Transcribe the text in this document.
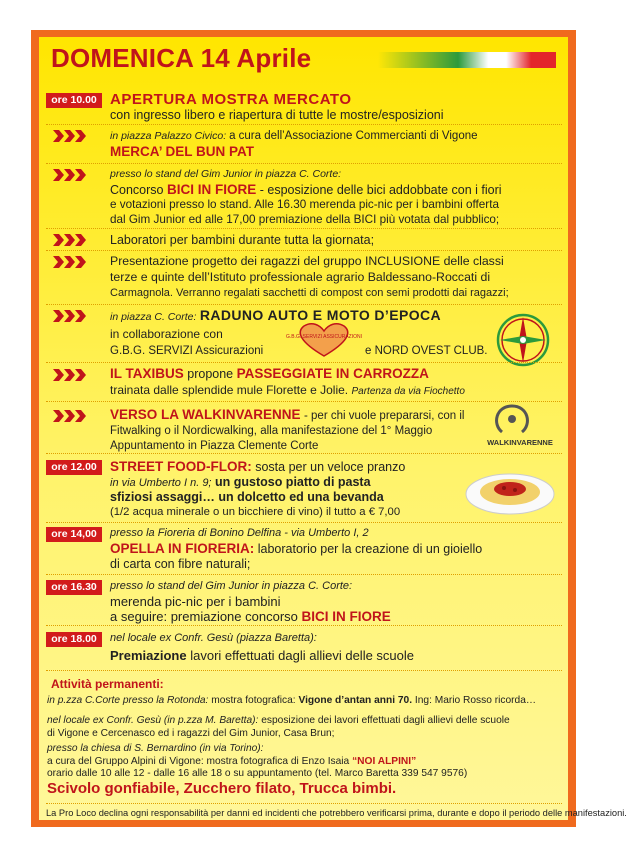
DOMENICA 14 Aprile
ore 10.00 APERTURA MOSTRA MERCATO
con ingresso libero e riapertura di tutte le mostre/esposizioni
in piazza Palazzo Civico: a cura dell’Associazione Commercianti di Vigone
MERCA’ DEL BUN PAT
presso lo stand del Gim Junior in piazza C. Corte:
Concorso BICI IN FIORE - esposizione delle bici addobbate con i fiori
e votazioni presso lo stand. Alle 16.30 merenda pic-nic per i bambini offerta
dal Gim Junior ed alle 17,00 premiazione della BICI più votata dal pubblico;
Laboratori per bambini durante tutta la giornata;
Presentazione progetto dei ragazzi del gruppo INCLUSIONE delle classi
terze e quinte dell’Istituto professionale agrario Baldessano-Roccati di
Carmagnola. Verranno regalati sacchetti di compost con semi prodotti dai ragazzi;
in piazza C. Corte: RADUNO AUTO E MOTO D’EPOCA
in collaborazione con
G.B.G. SERVIZI Assicurazioni	e NORD OVEST CLUB.
G.B.G. SERVIZI ASSICURAZIONI
IL TAXIBUS propone PASSEGGIATE IN CARROZZA
trainata dalle splendide mule Florette e Jolie. Partenza da via Fiochetto
VERSO LA WALKINVARENNE - per chi vuole prepararsi, con il
Fitwalking o il Nordicwalking, alla manifestazione del 1° Maggio
Appuntamento in Piazza Clemente Corte	WALKINVARENNE
ore 12.00 STREET FOOD-FLOR: sosta per un veloce pranzo
in via Umberto I n. 9; un gustoso piatto di pasta
sfiziosi assaggi… un dolcetto ed una bevanda
(1/2 acqua minerale o un bicchiere di vino) il tutto a € 7,00
ore 14,00	presso la Fioreria di Bonino Delfina - via Umberto I, 2
OPELLA IN FIORERIA: laboratorio per la creazione di un gioiello
di carta con fibre naturali;
ore 16.30	presso lo stand del Gim Junior in piazza C. Corte:
merenda pic-nic per i bambini
a seguire: premiazione concorso BICI IN FIORE
ore 18.00	nel locale ex Confr. Gesù (piazza Baretta):
Premiazione lavori effettuati dagli allievi delle scuole
Attività permanenti:
in p.zza C.Corte presso la Rotonda: mostra fotografica: Vigone d’antan anni 70. Ing: Mario Rosso ricorda…
nel locale ex Confr. Gesù (in p.zza M. Baretta): esposizione dei lavori effettuati dagli allievi delle scuole
di Vigone e Cercenasco ed i ragazzi del Gim Junior, Casa Brun;
presso la chiesa di S. Bernardino (in via Torino):
a cura del Gruppo Alpini di Vigone: mostra fotografica di Enzo Isaia “NOI ALPINI”
orario dalle 10 alle 12 - dalle 16 alle 18 o su appuntamento (tel. Marco Baretta 339 547 9576)
Scivolo gonfiabile, Zucchero filato, Trucca bimbi.
La Pro Loco declina ogni responsabilità per danni ed incidenti che potrebbero verificarsi prima, durante e dopo il periodo delle manifestazioni.
